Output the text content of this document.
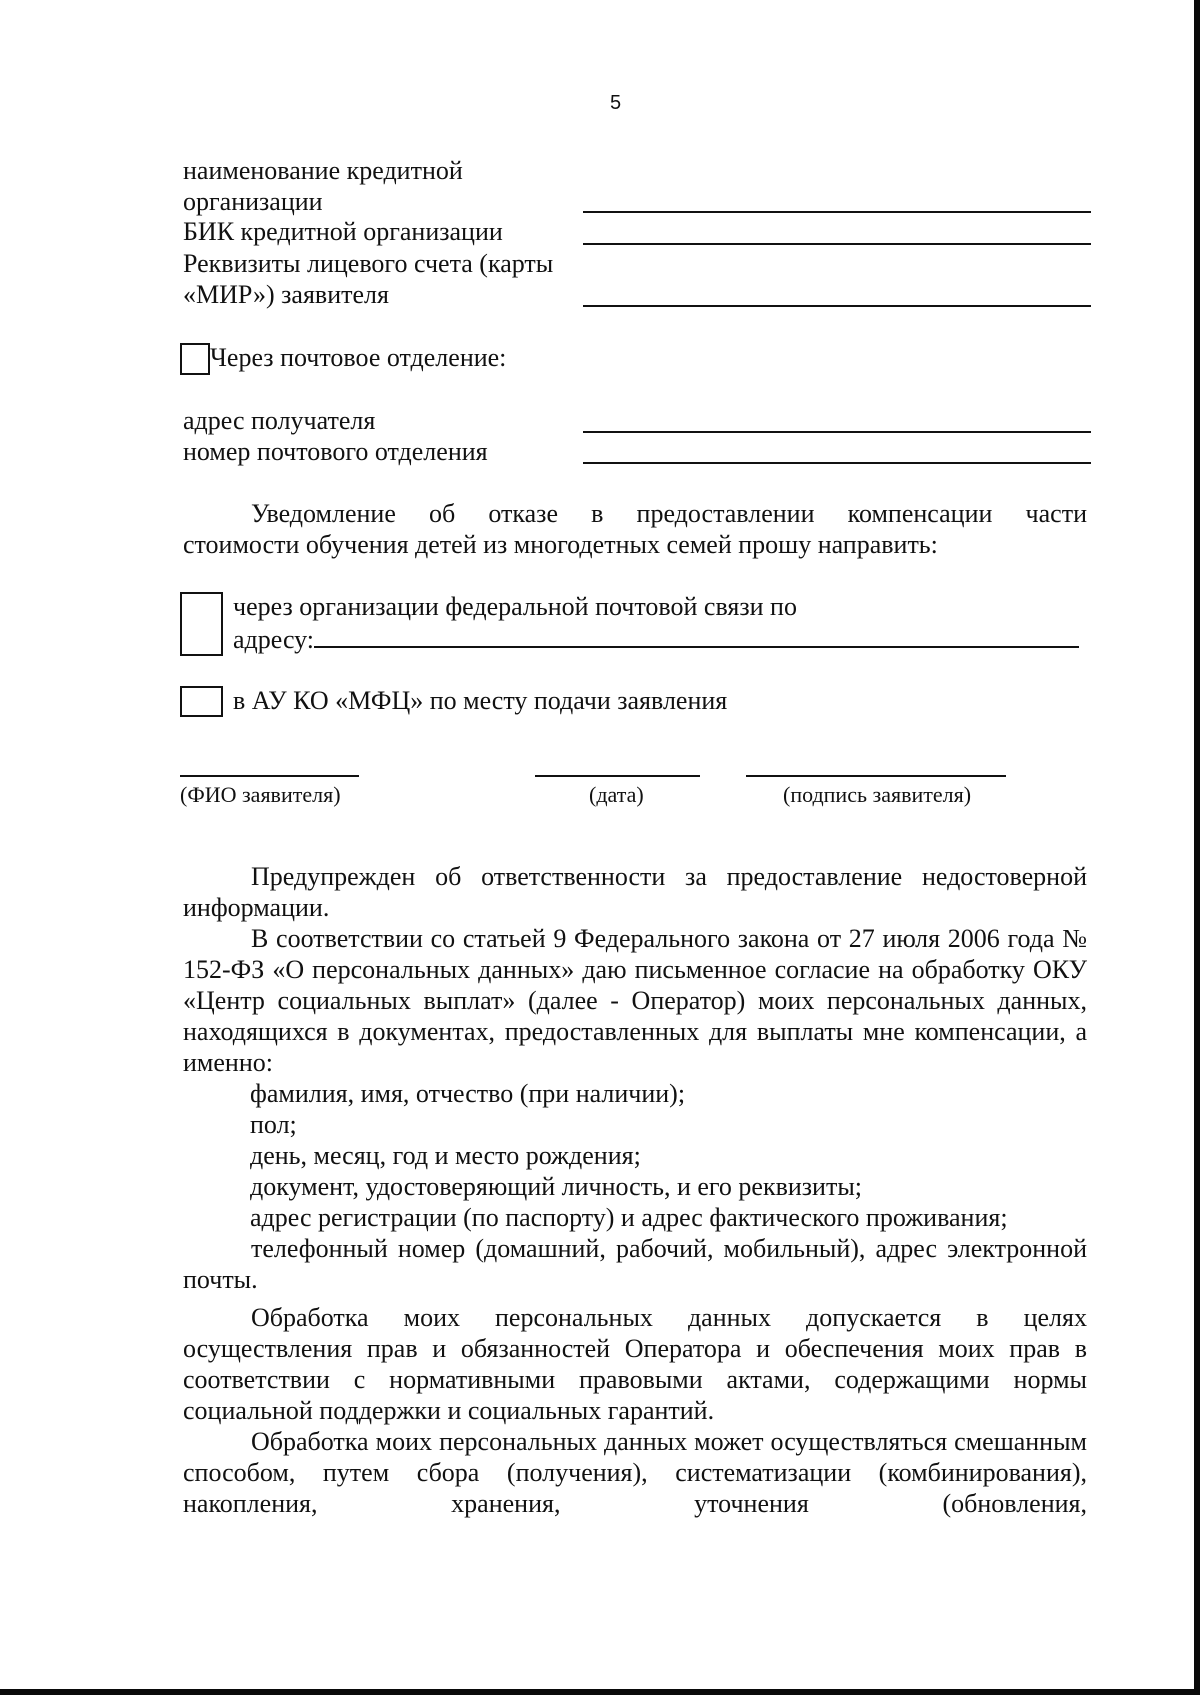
5
наименование кредитной
организации
БИК кредитной организации
Реквизиты лицевого счета (карты
«МИР») заявителя
Через почтовое отделение:
адрес получателя
номер почтового отделения

Уведомление об отказе в предоставлении компенсации части

стоимости обучения детей из многодетных семей прошу направить:

через организации федеральной почтовой связи по
адресу:
в АУ КО «МФЦ» по месту подачи заявления
(ФИО заявителя)	(дата)	(подпись заявителя)

Предупрежден об ответственности за предоставление недостоверной

информации.

В соответствии со статьей 9 Федерального закона от 27 июля 2006 года № 152-ФЗ «О персональных данных» даю письменное согласие на обработку ОКУ «Центр социальных выплат» (далее - Оператор) моих персональных данных, находящихся в документах, предоставленных для выплаты мне компенсации, а именно:

фамилия, имя, отчество (при наличии);

пол;

день, месяц, год и место рождения;

документ, удостоверяющий личность, и его реквизиты;

адрес регистрации (по паспорту) и адрес фактического проживания;

телефонный номер (домашний, рабочий, мобильный), адрес электронной почты.
Обработка моих персональных данных допускается в целях осуществления прав и обязанностей Оператора и обеспечения моих прав в соответствии с нормативными правовыми актами, содержащими нормы социальной поддержки и социальных гарантий.
Обработка моих персональных данных может осуществляться смешанным способом, путем сбора (получения), систематизации (комбинирования), накопления, хранения, уточнения (обновления,
